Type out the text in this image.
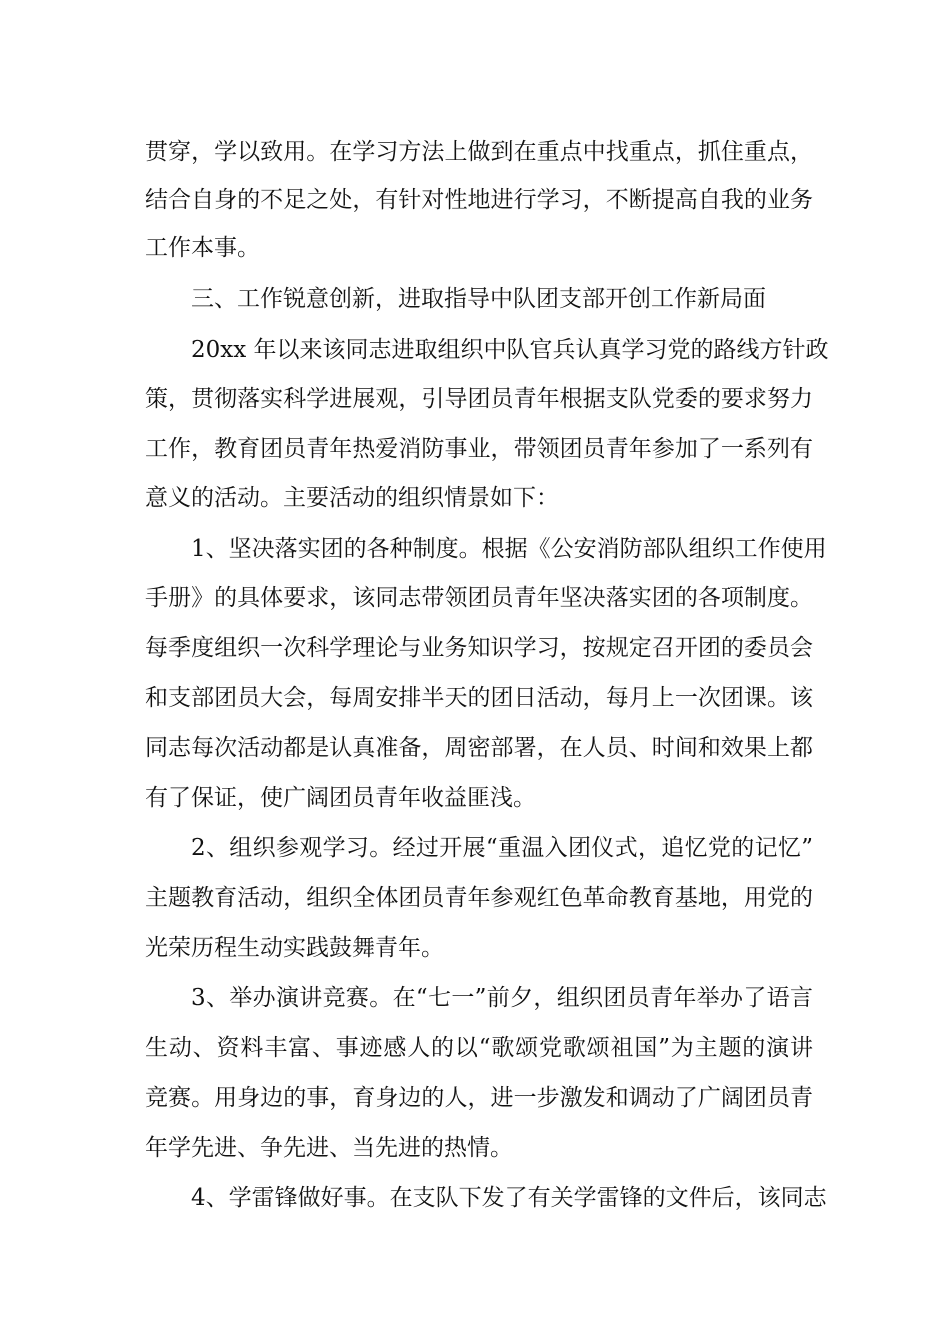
贯穿，学以致用。在学习方法上做到在重点中找重点，抓住重点，
结合自身的不足之处，有针对性地进行学习，不断提高自我的业务
工作本事。
三、工作锐意创新，进取指导中队团支部开创工作新局面
20xx 年以来该同志进取组织中队官兵认真学习党的路线方针政
策，贯彻落实科学进展观，引导团员青年根据支队党委的要求努力
工作，教育团员青年热爱消防事业，带领团员青年参加了一系列有
意义的活动。主要活动的组织情景如下：
1、坚决落实团的各种制度。根据《公安消防部队组织工作使用
手册》的具体要求，该同志带领团员青年坚决落实团的各项制度。
每季度组织一次科学理论与业务知识学习，按规定召开团的委员会
和支部团员大会，每周安排半天的团日活动，每月上一次团课。该
同志每次活动都是认真准备，周密部署，在人员、时间和效果上都
有了保证，使广阔团员青年收益匪浅。
2、组织参观学习。经过开展“重温入团仪式，追忆党的记忆”
主题教育活动，组织全体团员青年参观红色革命教育基地，用党的
光荣历程生动实践鼓舞青年。
3、举办演讲竞赛。在“七一”前夕，组织团员青年举办了语言
生动、资料丰富、事迹感人的以“歌颂党歌颂祖国”为主题的演讲
竞赛。用身边的事，育身边的人，进一步激发和调动了广阔团员青
年学先进、争先进、当先进的热情。
4、学雷锋做好事。在支队下发了有关学雷锋的文件后，该同志
